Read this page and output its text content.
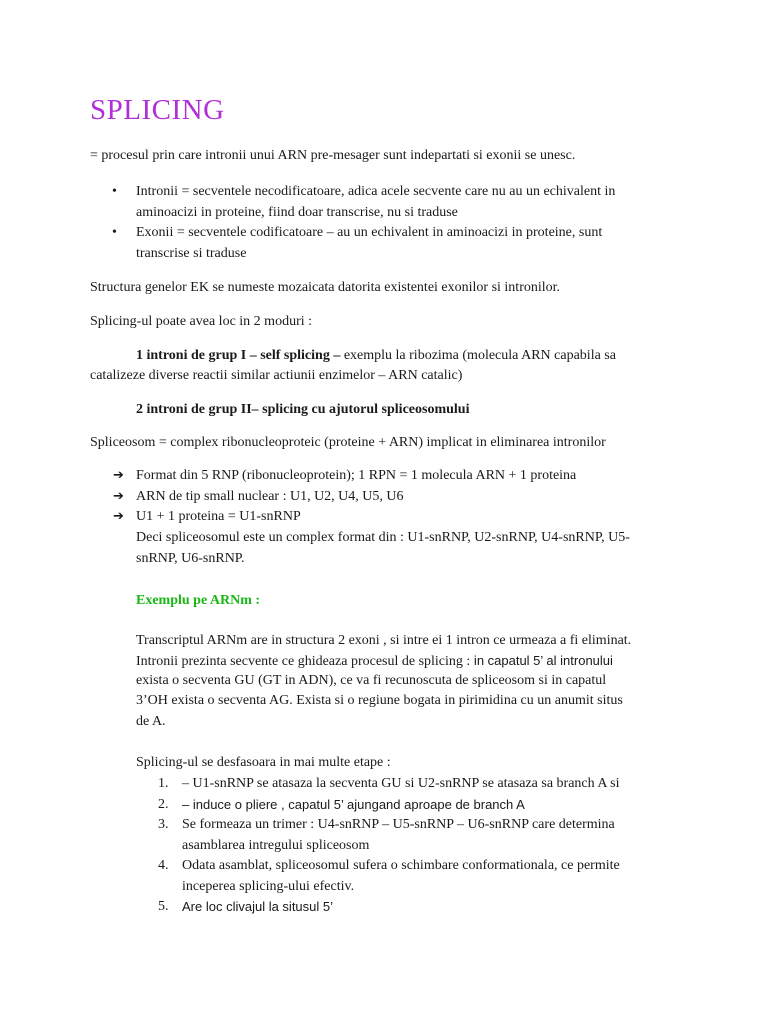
SPLICING

= procesul prin care intronii unui ARN pre-mesager sunt indepartati si exonii se unesc.

•	Intronii = secventele necodificatoare, adica acele secvente care nu au un echivalent in

aminoacizi in proteine, fiind doar transcrise, nu si traduse

•	Exonii = secventele codificatoare – au un echivalent in aminoacizi in proteine, sunt

transcrise si traduse

Structura genelor EK se numeste mozaicata datorita existentei exonilor si intronilor.

Splicing-ul poate avea loc in 2 moduri :

1 introni de grup I – self splicing – exemplu la ribozima (molecula ARN capabila sa

catalizeze diverse reactii similar actiunii enzimelor – ARN catalic)

2 introni de grup II– splicing cu ajutorul spliceosomului

Spliceosom = complex ribonucleoproteic (proteine + ARN) implicat in eliminarea intronilor

➔ Format din 5 RNP (ribonucleoprotein); 1 RPN = 1 molecula ARN + 1 proteina

➔ ARN de tip small nuclear : U1, U2, U4, U5, U6

➔ U1 + 1 proteina = U1-snRNP

Deci spliceosomul este un complex format din : U1-snRNP, U2-snRNP, U4-snRNP, U5-

snRNP, U6-snRNP.

Exemplu pe ARNm :

Transcriptul ARNm are in structura 2 exoni , si intre ei 1 intron ce urmeaza a fi eliminat.

Intronii prezinta secvente ce ghideaza procesul de splicing : in capatul 5’ al intronului

exista o secventa GU (GT in ADN), ce va fi recunoscuta de spliceosom si in capatul

3’OH exista o secventa AG. Exista si o regiune bogata in pirimidina cu un anumit situs

de A.

Splicing-ul se desfasoara in mai multe etape :

1. – U1-snRNP se atasaza la secventa GU si U2-snRNP se atasaza sa branch A si

2.	– induce o pliere , capatul 5’ ajungand aproape de branch A

3. Se formeaza un trimer : U4-snRNP – U5-snRNP – U6-snRNP care determina

asamblarea intregului spliceosom

4. Odata asamblat, spliceosomul sufera o schimbare conformationala, ce permite

inceperea splicing-ului efectiv.

5.	Are loc clivajul la situsul 5’
